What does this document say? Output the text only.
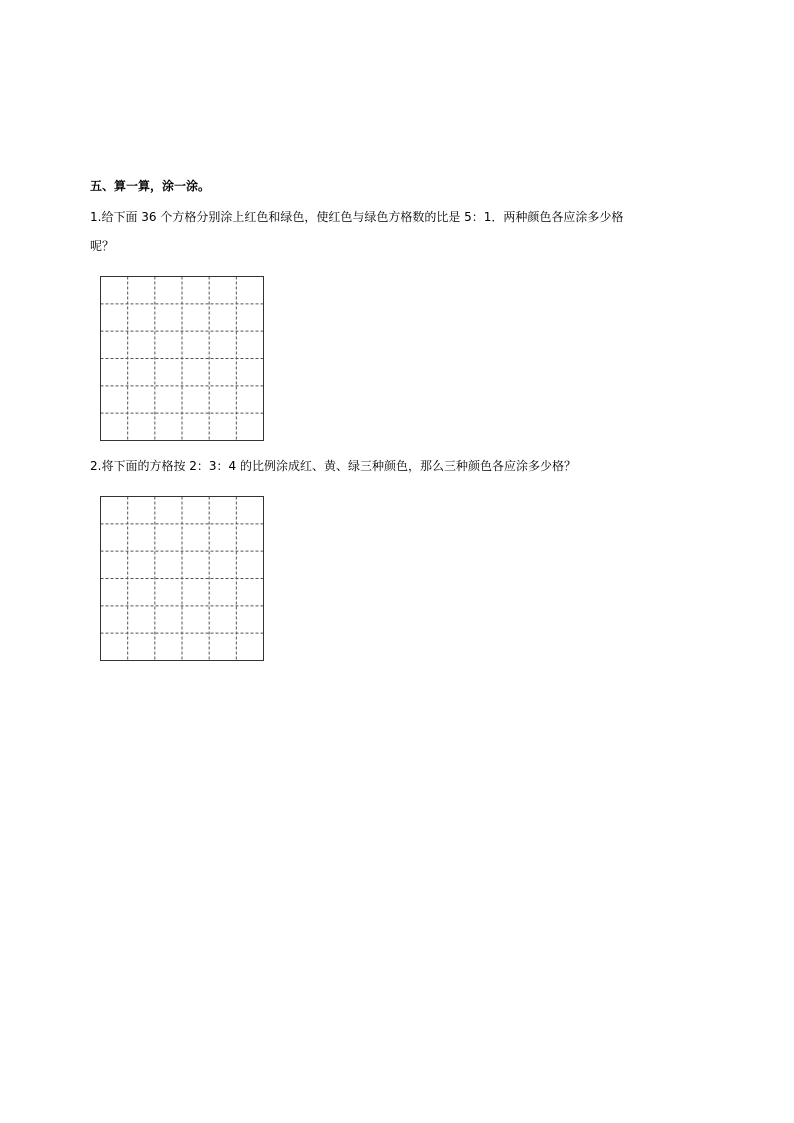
五、算一算，涂一涂。
1.给下面 36 个方格分别涂上红色和绿色，使红色与绿色方格数的比是 5：1．两种颜色各应涂多少格
呢？
2.将下面的方格按 2：3：4 的比例涂成红、黄、绿三种颜色，那么三种颜色各应涂多少格？
